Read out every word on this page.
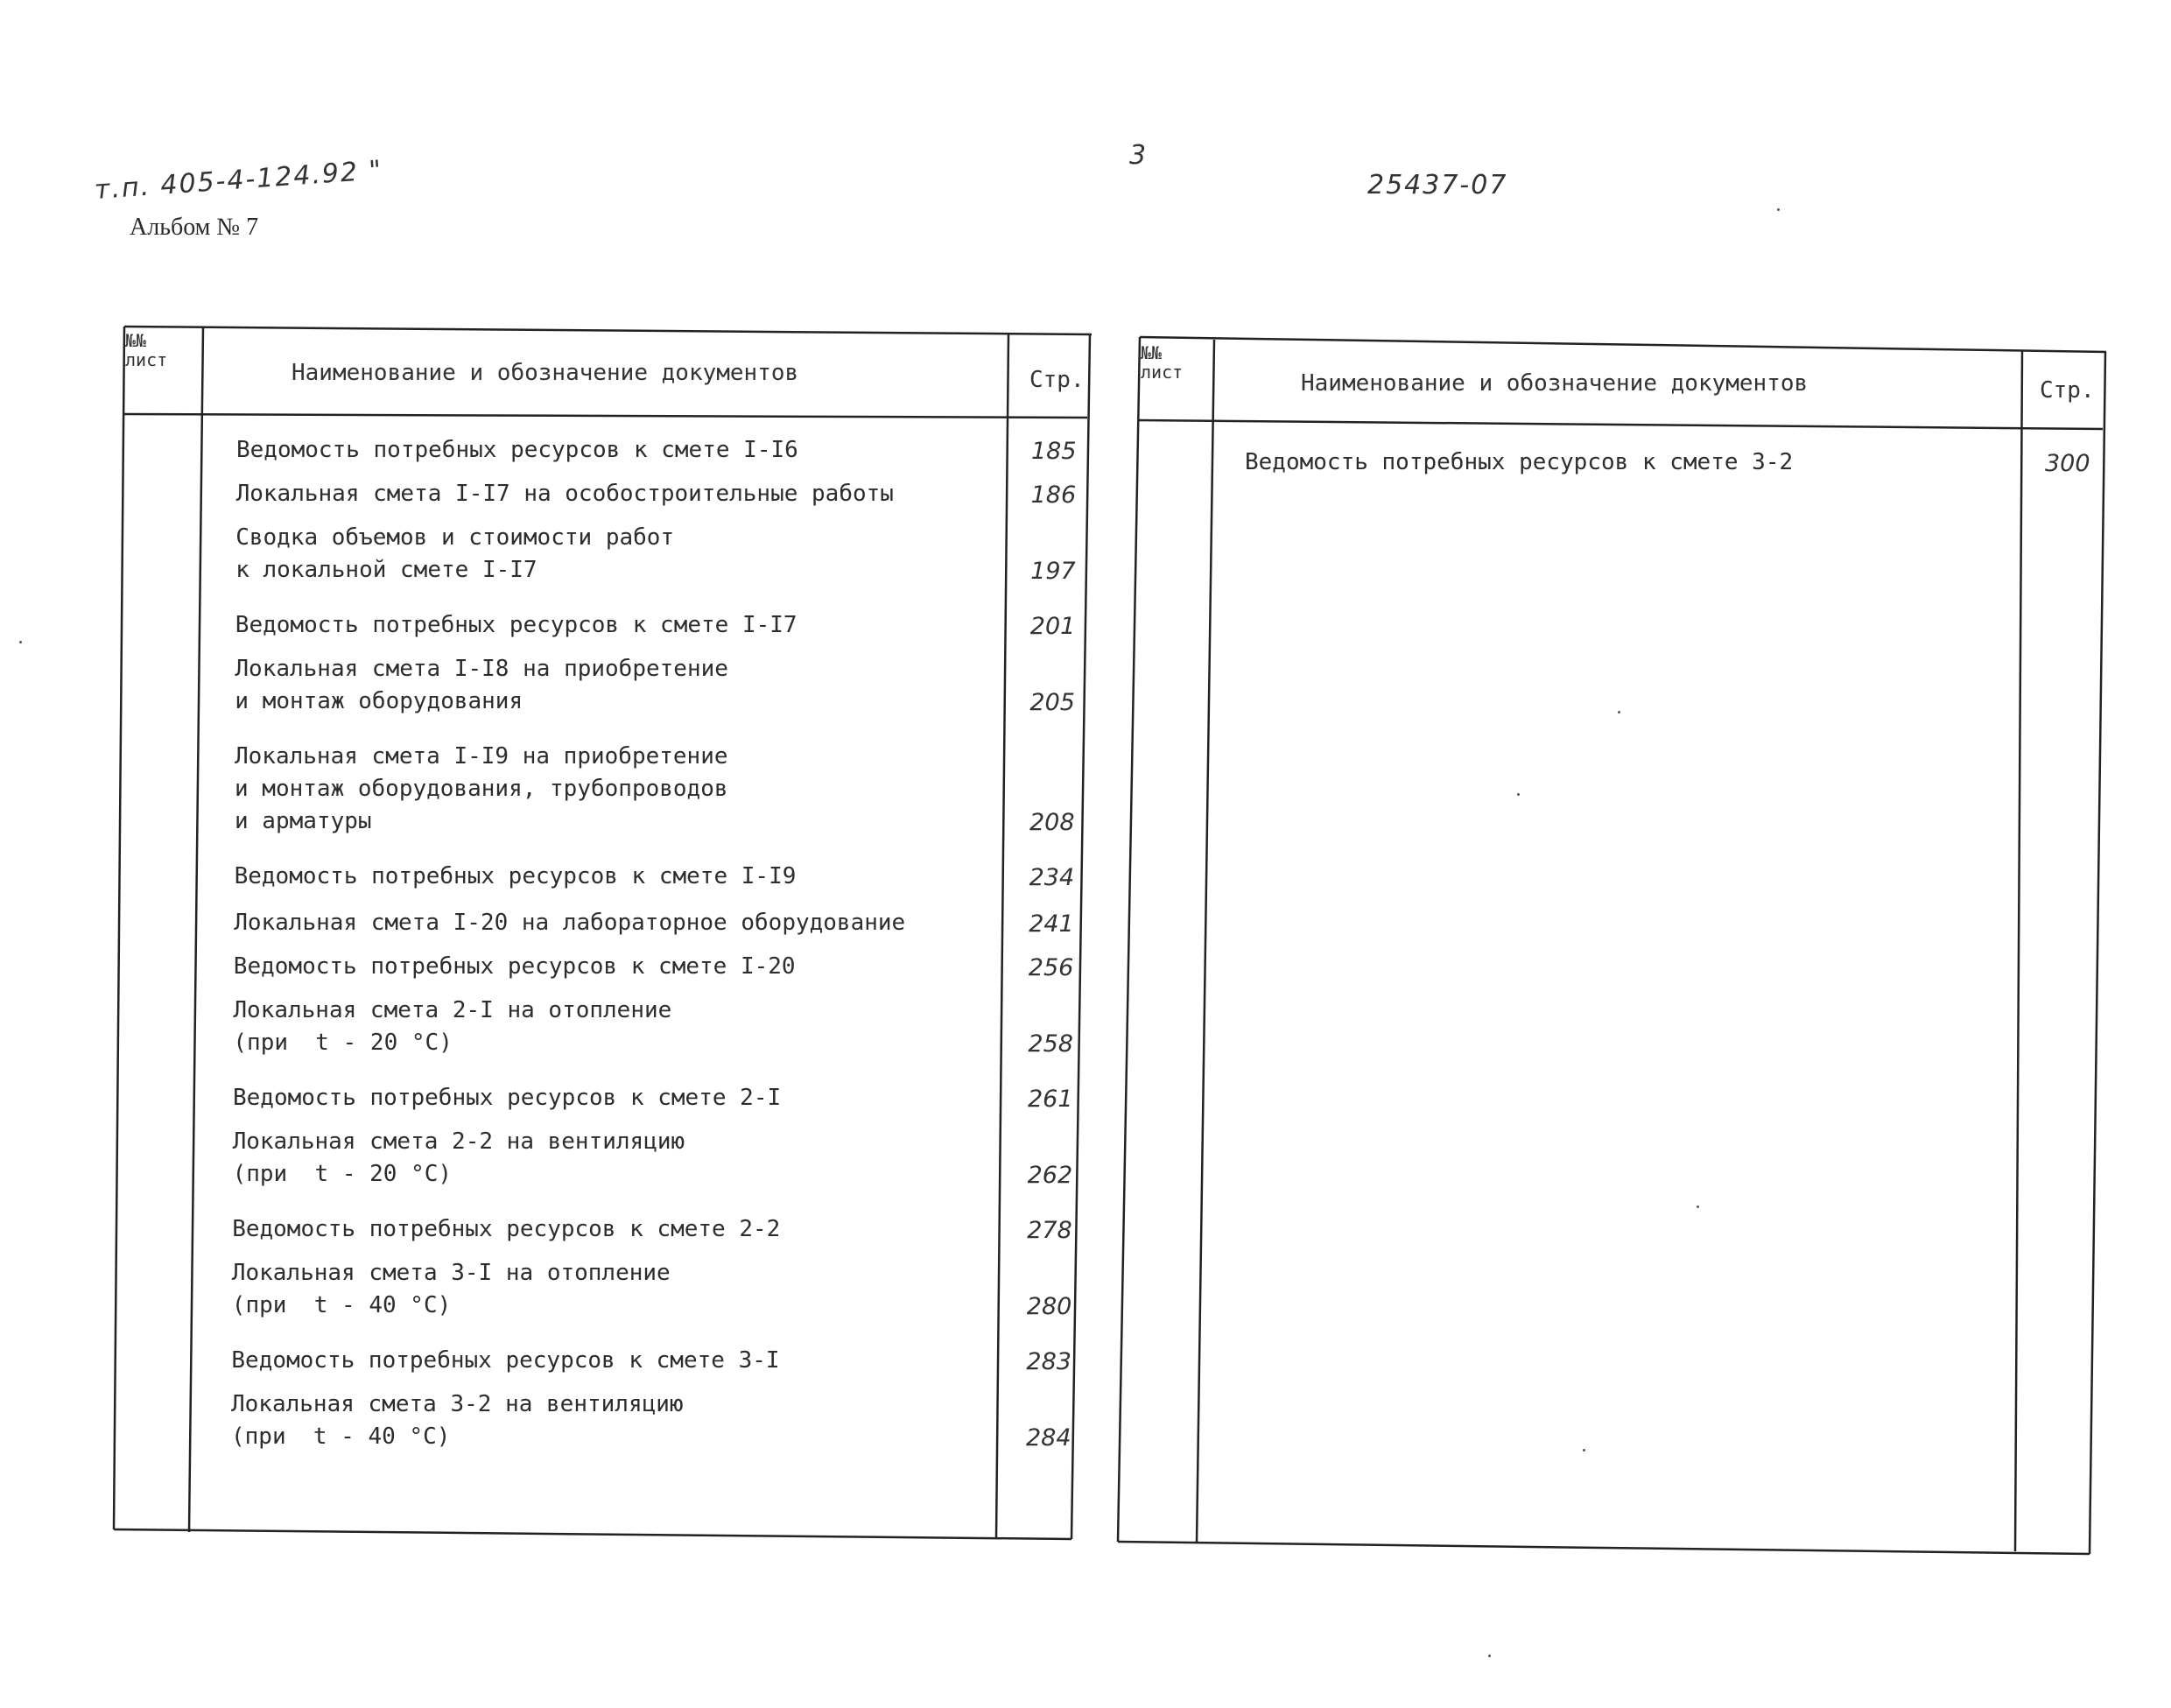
т.п. 405-4-124.92 "
Альбом № 7
3
25437-07
№№
лист	Наименование и обозначение документов	Стр.
Ведомость потребных ресурсов к смете I-I6	185
Локальная смета I-I7 на особостроительные работы	186
Сводка объемов и стоимости работ
к локальной смете I-I7	197
Ведомость потребных ресурсов к смете I-I7	201
Локальная смета I-I8 на приобретение
и монтаж оборудования	205
Локальная смета I-I9 на приобретение
и монтаж оборудования, трубопроводов
и арматуры	208
Ведомость потребных ресурсов к смете I-I9	234
Локальная смета I-20 на лабораторное оборудование	241
Ведомость потребных ресурсов к смете I-20	256
Локальная смета 2-I на отопление
(при  t - 20 °C)	258
Ведомость потребных ресурсов к смете 2-I	261
Локальная смета 2-2 на вентиляцию
(при  t - 20 °C)	262
Ведомость потребных ресурсов к смете 2-2	278
Локальная смета 3-I на отопление
(при  t - 40 °C)	280
Ведомость потребных ресурсов к смете 3-I	283
Локальная смета 3-2 на вентиляцию
(при  t - 40 °C)	284
№№
лист	Наименование и обозначение документов	Стр.
Ведомость потребных ресурсов к смете 3-2	300
